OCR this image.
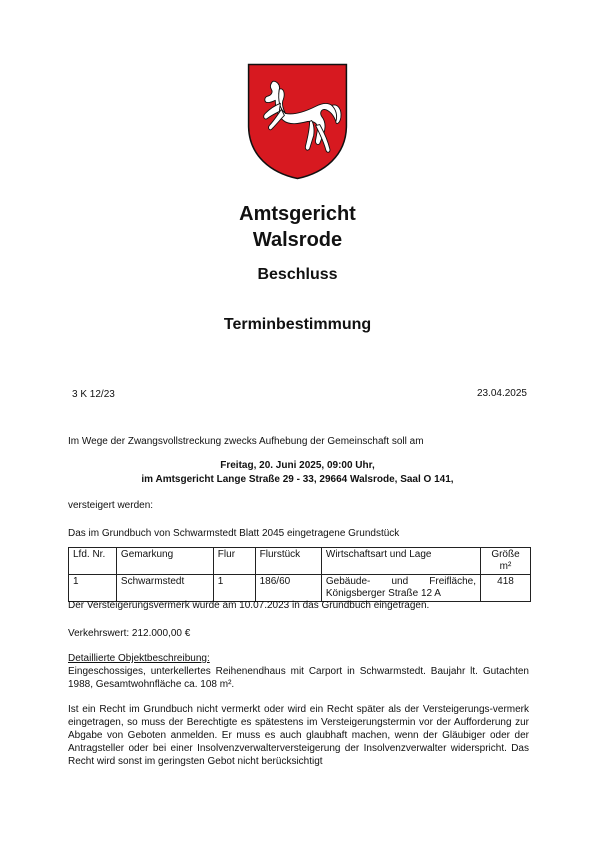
Amtsgericht
Walsrode
Beschluss
Terminbestimmung
3 K 12/23	23.04.2025
Im Wege der Zwangsvollstreckung zwecks Aufhebung der Gemeinschaft soll am
Freitag, 20. Juni 2025, 09:00 Uhr,
im Amtsgericht Lange Straße 29 - 33, 29664 Walsrode, Saal O 141,
versteigert werden:
Das im Grundbuch von Schwarmstedt Blatt 2045 eingetragene Grundstück
Lfd. Nr.	Gemarkung	Flur	Flurstück	Wirtschaftsart und Lage	Größe m²
1	Schwarmstedt	1	186/60	Gebäude- und Freifläche,
Königsberger Straße 12 A	418
Der Versteigerungsvermerk wurde am 10.07.2023 in das Grundbuch eingetragen.
Verkehrswert: 212.000,00 €
Detaillierte Objektbeschreibung:
Eingeschossiges, unterkellertes Reihenendhaus mit Carport in Schwarmstedt. Baujahr lt. Gutachten 1988, Gesamtwohnfläche ca. 108 m².
Ist ein Recht im Grundbuch nicht vermerkt oder wird ein Recht später als der Versteigerungs-vermerk eingetragen, so muss der Berechtigte es spätestens im Versteigerungstermin vor der Aufforderung zur Abgabe von Geboten anmelden. Er muss es auch glaubhaft machen, wenn der Gläubiger oder der Antragsteller oder bei einer Insolvenzverwalterversteigerung der Insolvenzverwalter widerspricht. Das Recht wird sonst im geringsten Gebot nicht berücksichtigt
